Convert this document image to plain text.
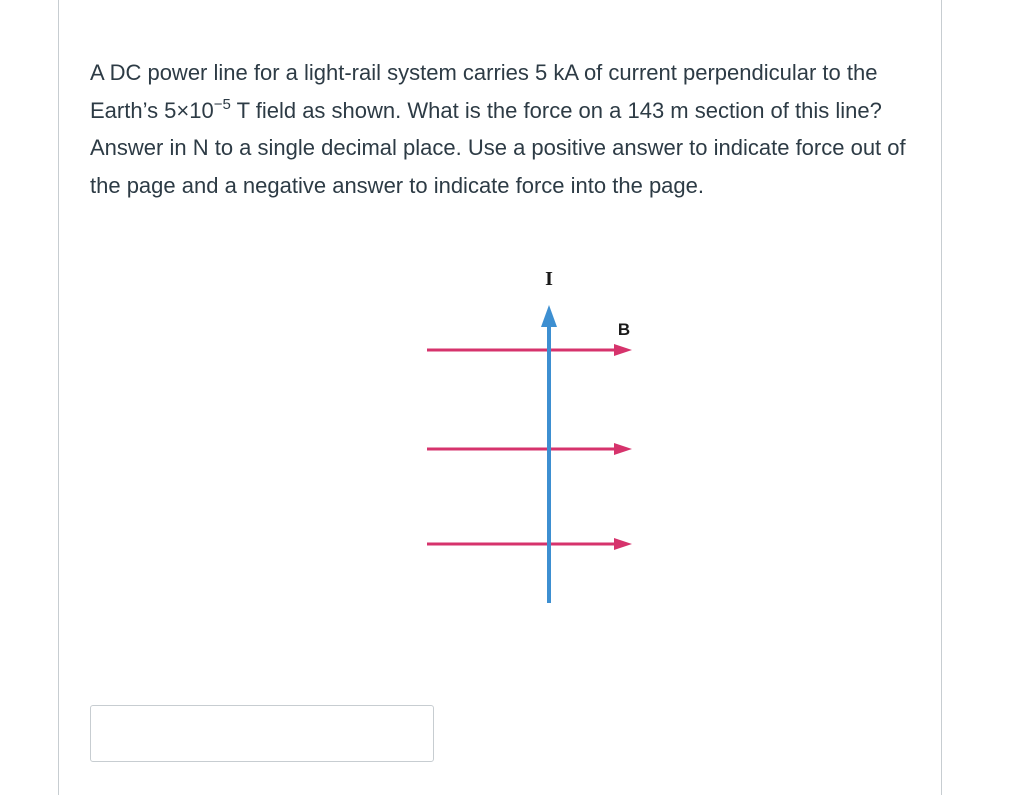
A DC power line for a light-rail system carries 5 kA of current perpendicular to the Earth’s $5\times 10^{-5}$ T field as shown. What is the force on a 143 m section of this line? Answer in N to a single decimal place. Use a positive answer to indicate force out of the page and a negative answer to indicate force into the page.

I
B
